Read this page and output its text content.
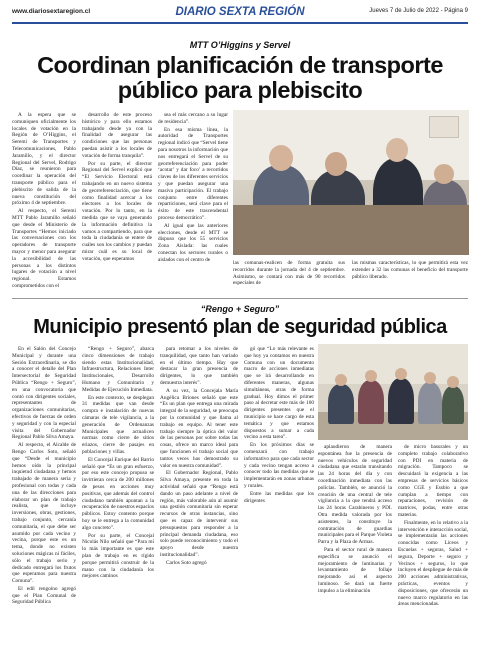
www.diariosextaregion.cl	DIARIO SEXTA REGIÓN	Jueves 7 de Julio de 2022 - Página 9
MTT O’Higgins y Servel
Coordinan planificación de transporte
público para plebiscito

A la espera que se comuniquen oficialmente los locales de votación en la Región de O’Higgins, el Seremi de Transportes y Telecomunicaciones, Pablo Jaramillo, y el director Regional del Servel, Rodrigo Díaz, se reunieron para coordinar la operación del transporte público para el plebiscito de salida de la nueva constitución del próximo 4 de septiembre.

Al respecto, el Seremi MTT Pablo Jaramillo señaló que desde el Ministerio de Transportes “Hemos iniciado las conversaciones con los operadores de transporte mayor y menor para asegurar la accesibilidad de las personas a los distintos lugares de votación a nivel regional. Estamos comprometidos con el

desarrollo de este proceso histórico y para ello estamos trabajando desde ya con la finalidad de asegurar las condiciones que las personas puedan asistir a los locales de votación de forma tranquila”.

Por su parte, el director Regional del Servel explicó que “El Servicio Electoral está trabajando en un nuevo sistema de georreferenciación, que tiene como finalidad acercar a los electores a los locales de votación. Por lo tanto, en la medida que se vaya generando la información definitiva la vamos a compartiendo, para que toda la ciudadanía se entere de cuáles son los cambios y puedan mirar cuál es su local de votación, que esperamos

sea el más cercano a su lugar de residencia”.

En esa misma línea, la autoridad de Transportes regional indicó que “Servel tiene para nosotros la información que nos entregará el Servel de su georreferenciación para poder ‘acotar’ y dar foco’ a recorridos claves de los diferentes servicios y que puedan asegurar una masiva participación. El trabajo conjunto entre diferentes reparticiones, será clave para el éxito de este trascendental proceso democrático”.

Al igual que las anteriores elecciones, desde el MTT se dispuso que los 55 servicios Zona Aislada: las cuales conectan los sectores rurales o aislados con el centro de

las comunas-realicen de forma gratuita sus recorridos durante la jornada del 4 de septiembre. Asimismo, se contará con más de 90 recorridos especiales de
las mismas características, lo que permitirá esta vez extender a 32 las comunas el beneficio del transporte público liberado.
“Rengo + Seguro”
Municipio presentó plan de seguridad pública

En el Salón del Concejo Municipal y durante una Sesión Extraordinaria, se dio a conocer el detalle del Plan Intersectorial de Seguridad Pública “Rengo + Seguro”, en una convocatoria que contó con dirigentes sociales, representantes de organizaciones comunitarias, efectivos de fuerzas de orden y seguridad y con la especial visita del Gobernador Regional Pablo Silva Amaya.

Al respecto, el Alcalde de Rengo Carlos Soto, señaló que “Desde el municipio hemos oído la principal inquietud ciudadana y hemos trabajado de manera seria y profesional con todas y cada una de las direcciones para elaborar un plan de trabajo realista, que incluye inversiones, obras, gestiones, trabajo conjunto, cercanía comunitaria, el que debe ser asumido por cada vecino y vecina, porque este es un tema, donde no existen soluciones mágicas ni fáciles, sólo el trabajo serio y dedicado entregará los frutos que esperamos para nuestra Comuna”.

El edil rengoino agregó que el Plan Comunal de Seguridad Pública

“Rengo + Seguro”, abarca cinco dimensiones de trabajo siendo estas Institucionalidad, Infraestructura, Relaciones Inter Institucionales, Desarrollo Humano y Comunitario y Medidas de Ejecución Inmediata.

En este contexto, se desplegan 31 medidas que van desde compra e instalación de nuevas cámaras de tele vigilancia, a la generación de Ordenanzas Municipales que actualicen normas como cierre de sitios eriazos, cierre de pasajes en poblaciones y villas.

El Concejal Enrique del Barrio señaló que “Es un gran esfuerzo, por eso este concejo propuso se invirtieran cerca de 200 millones de pesos en acciones muy positivas, que además del control ciudadano también apuntan a la recuperación de nuestros espacios públicos. Estoy contento porque hoy se le entrega a la comunidad algo concreto”.

Por su parte, el Concejal Nicolás Nilo señaló que “Para mí lo más importante es que este plan de trabajo en es rígido porque permitirá construir de la mano con la ciudadanía los mejores caminos

para retomar a los niveles de tranquilidad, que tanto han variado en el último tiempo. Hay que destacar la gran presencia de dirigentes, lo que también demuestra interés”.

A su vez, la Concejala María Angélica Briones señaló que este “Es un plan que entrega una mirada integral de la seguridad, se preocupa por la comunidad y que llama al trabajo en equipo. Al tener este trabajo siempre la óptica del valor de las personas por sobre todas las cosas, ofrece un marco ideal para que funcionen el trabajo social que tantos veces has demostrado su valor en nuestra comunidad”.

El Gobernador Regional, Pablo Silva Amaya, presente en toda la actividad señaló que “Rengo está dando un paso adelante a nivel de región, más valorable aún al asumir una gestión comunitaria sin esperar recursos de otras instancias, sino que es capaz de intervenir sus presupuestos para responder a la principal demanda ciudadana, eso solo puede reconocimiento y todo el apoyo desde nuestra institucionalidad”.

Carlos Soto agregó

gó que “Lo más relevante es que hoy ya contamos en nuestra Comuna con un documento macro de acciones inmediatas que se irá desarrollando en diferentes maneras, algunas simultáneas, otras de forma gradual. Hoy dimos el primer paso al decretar este más de 100 dirigentes presentes que el municipio se hace cargo de esta temática y que estamos dispuestos a sumar a cada vecino a esta tarea”.

En los próximos días se comenzará con trabajo informativo para que cada sector y cada vecino tengan acceso a conocer todo las medidas que se implementarán en zonas urbanas y rurales.

Entre las medidas que los dirigentes

aplaudieron de manera espontánea fue la presencia de nuevos vehículos de seguridad ciudadana que estarán transitando las 24 horas del día y con coordinación inmediata con las policías. También, se anunció la creación de una central de tele vigilancia a la que tendrá acceso las 24 horas Carabineros y PDI. Otra medida valorada por los asistentes, la constituye la contratación de guardias municipales para el Parque Violeta Parra y la Plaza de Armas.

Para el sector rural de manera específica se anunció el mejoramiento de luminarias y levantamiento de follaje mejorando así el aspecto luminoso. Se dará un fuerte impulso a la eliminación

de micro basurales y un completo trabajo colaborativo con PDI en materia de migración. Tampoco se descuidará la exigencia a las empresas de servicios básicos como CGE y Essbio a que cumplan a tiempo con reparaciones, revisión de matrices, podas, entre otras materias.

Finalmente, en lo relativo a la intervención e interacción social, se implementarán las acciones conocidas como Liceos y Escuelas + seguras, Salud + segura, Deporte + seguro y Vecinos + seguros, lo que incluyen el despliegue de más de 200 acciones administrativas, prácticas, eventos y disposiciones, que ofrecerán un nuevo marco regulatorio en las áreas mencionadas.
